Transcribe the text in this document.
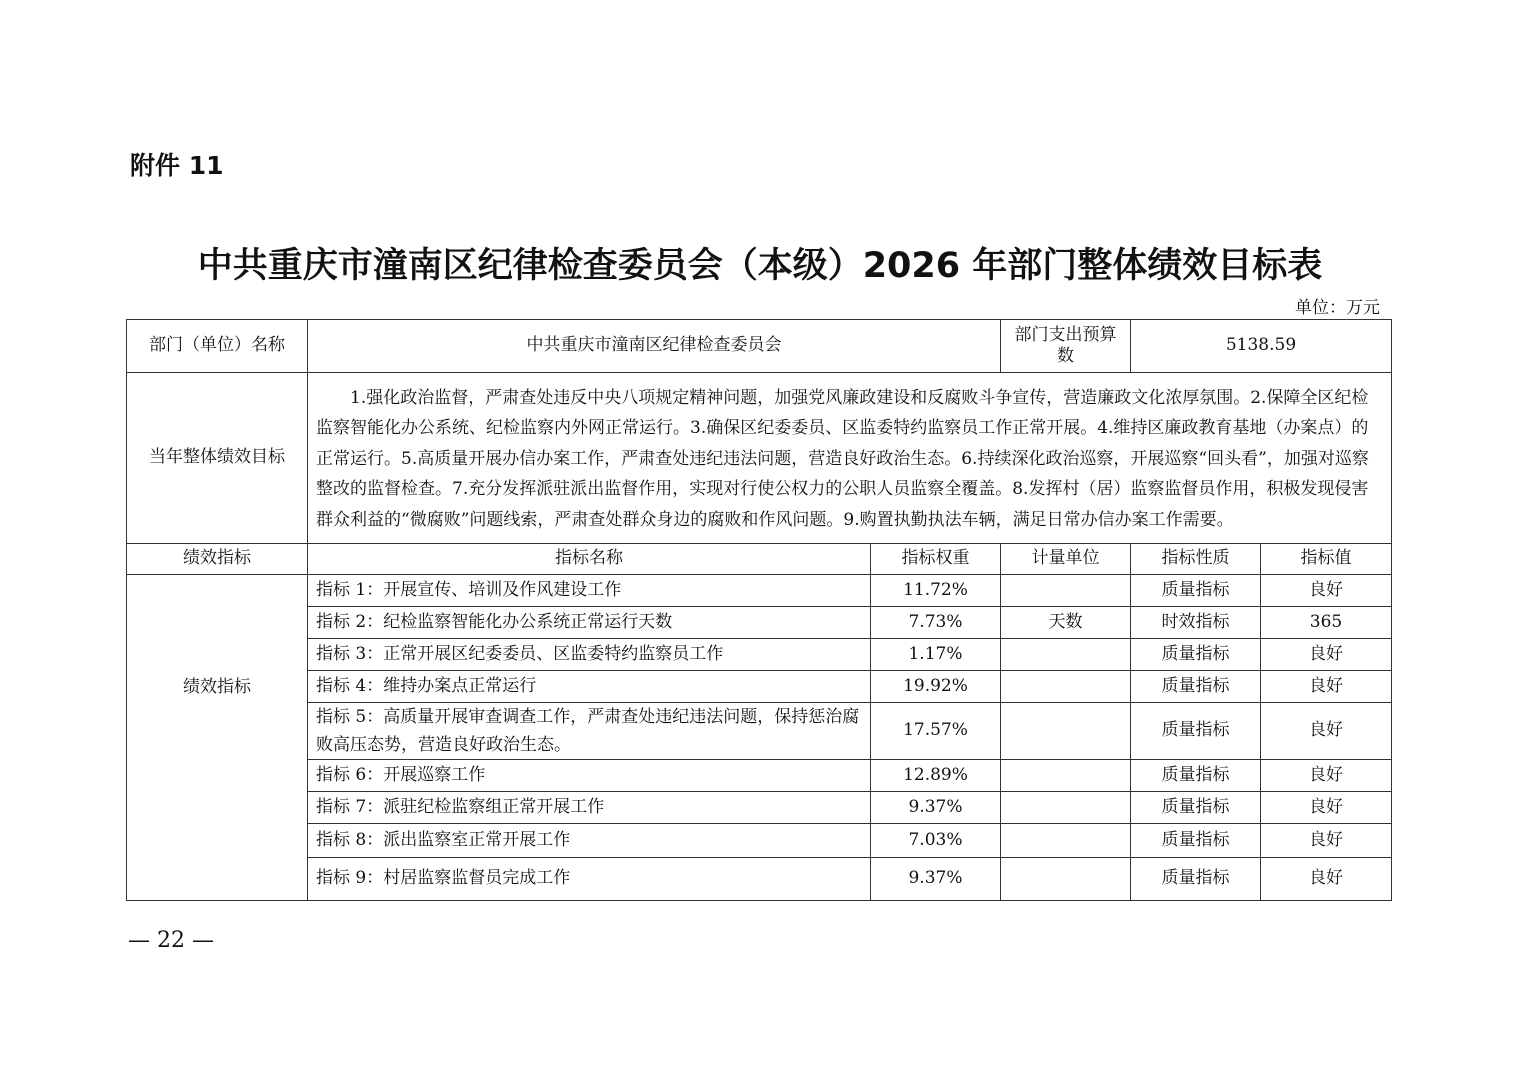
附件 11
中共重庆市潼南区纪律检查委员会（本级）2026 年部门整体绩效目标表
单位：万元
部门（单位）名称	中共重庆市潼南区纪律检查委员会		部门支出预算数	5138.59	
当年整体绩效目标	1.强化政治监督，严肃查处违反中央八项规定精神问题，加强党风廉政建设和反腐败斗争宣传，营造廉政文化浓厚氛围。2.保障全区纪检监察智能化办公系统、纪检监察内外网正常运行。3.确保区纪委委员、区监委特约监察员工作正常开展。4.维持区廉政教育基地（办案点）的正常运行。5.高质量开展办信办案工作，严肃查处违纪违法问题，营造良好政治生态。6.持续深化政治巡察，开展巡察“回头看”，加强对巡察整改的监督检查。7.充分发挥派驻派出监督作用，实现对行使公权力的公职人员监察全覆盖。8.发挥村（居）监察监督员作用，积极发现侵害群众利益的“微腐败”问题线索，严肃查处群众身边的腐败和作风问题。9.购置执勤执法车辆，满足日常办信办案工作需要。				
绩效指标	指标名称	指标权重	计量单位	指标性质	指标值
绩效指标	指标 1：开展宣传、培训及作风建设工作	11.72%		质量指标	良好
	指标 2：纪检监察智能化办公系统正常运行天数	7.73%	天数	时效指标	365
	指标 3：正常开展区纪委委员、区监委特约监察员工作	1.17%		质量指标	良好
	指标 4：维持办案点正常运行	19.92%		质量指标	良好
	指标 5：高质量开展审查调查工作，严肃查处违纪违法问题，保持惩治腐败高压态势，营造良好政治生态。	17.57%		质量指标	良好
	指标 6：开展巡察工作	12.89%		质量指标	良好
	指标 7：派驻纪检监察组正常开展工作	9.37%		质量指标	良好
	指标 8：派出监察室正常开展工作	7.03%		质量指标	良好
	指标 9：村居监察监督员完成工作	9.37%		质量指标	良好
— 22 —
